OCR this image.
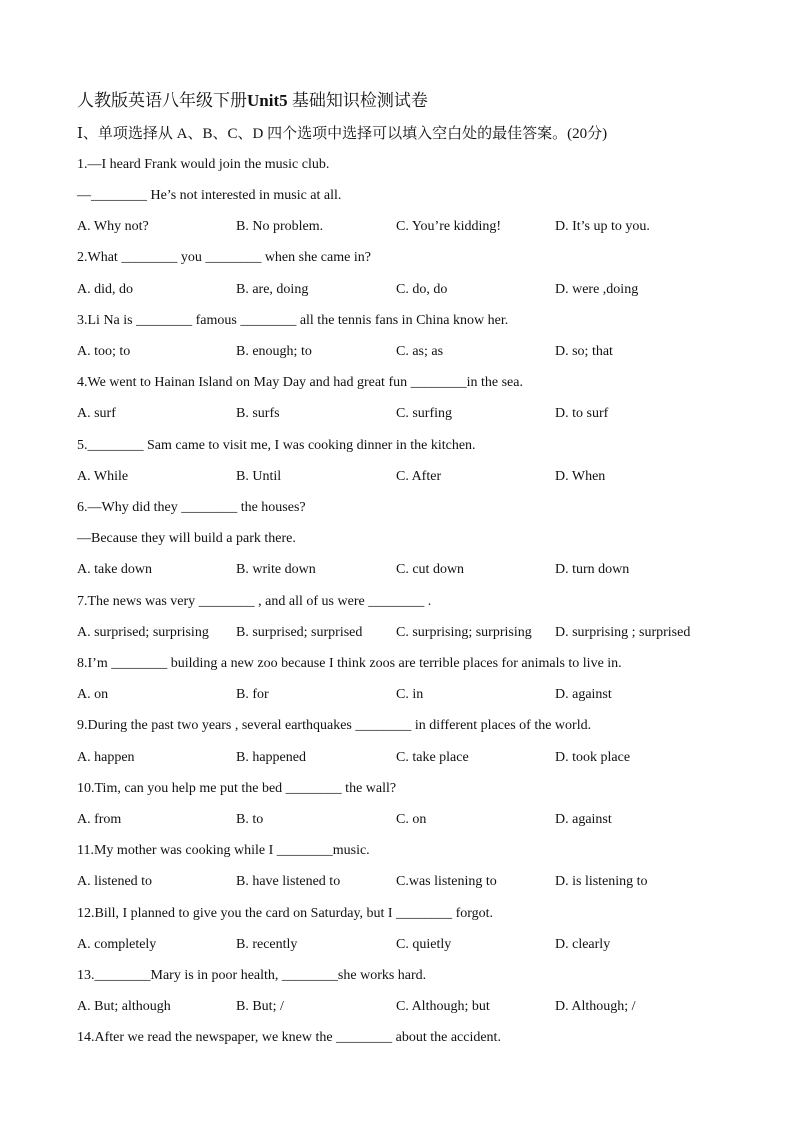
人教版英语八年级下册Unit5 基础知识检测试卷
Ⅰ、单项选择从 A、B、C、D 四个选项中选择可以填入空白处的最佳答案。(20分)
1.—I heard Frank would join the music club.
—________ He’s not interested in music at all.
A. Why not?	B. No problem.	C. You’re kidding!	D. It’s up to you.
2.What ________ you ________ when she came in?
A. did, do	B. are, doing	C. do, do	D. were ,doing
3.Li Na is ________ famous ________ all the tennis fans in China know her.
A. too; to	B. enough; to	C. as; as	D. so; that
4.We went to Hainan Island on May Day and had great fun ________in the sea.
A. surf	B. surfs	C. surfing	D. to surf
5.________ Sam came to visit me, I was cooking dinner in the kitchen.
A. While	B. Until	C. After	D. When
6.—Why did they ________ the houses?
—Because they will build a park there.
A. take down	B. write down	C. cut down	D. turn down
7.The news was very ________ , and all of us were ________ .
A. surprised; surprising B. surprised; surprised C. surprising; surprising D. surprising ; surprised
8.I’m ________ building a new zoo because I think zoos are terrible places for animals to live in.
A. on	B. for	C. in	D. against
9.During the past two years , several earthquakes ________ in different places of the world.
A. happen	B. happened	C. take place	D. took place
10.Tim, can you help me put the bed ________ the wall?
A. from	B. to	C. on	D. against
11.My mother was cooking while I ________music.
A. listened to	B. have listened to	C.was listening to	D. is listening to
12.Bill, I planned to give you the card on Saturday, but I ________ forgot.
A. completely	B. recently	C. quietly	D. clearly
13.________Mary is in poor health, ________she works hard.
A. But; although	B. But; /	C. Although; but	D. Although; /
14.After we read the newspaper, we knew the ________ about the accident.
